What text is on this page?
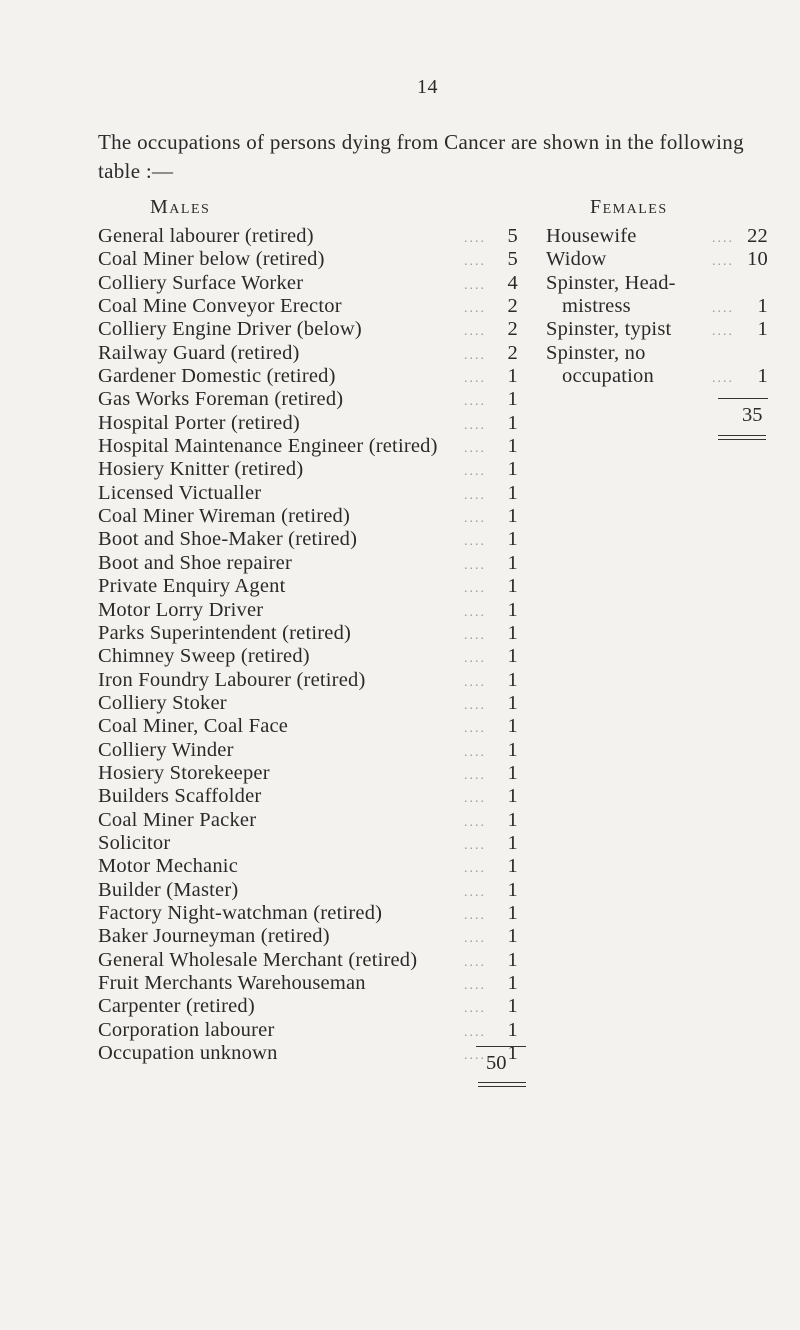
14
The occupations of persons dying from Cancer are shown in the following table :—
Males	Females
General labourer (retired)	....	5
Coal Miner below (retired)	....	5
Colliery Surface Worker	....	4
Coal Mine Conveyor Erector	....	2
Colliery Engine Driver (below)	....	2
Railway Guard (retired)	....	2
Gardener Domestic (retired)	....	1
Gas Works Foreman (retired)	....	1
Hospital Porter (retired)	....	1
Hospital Maintenance Engineer (retired)	....	1
Hosiery Knitter (retired)	....	1
Licensed Victualler	....	1
Coal Miner Wireman (retired)	....	1
Boot and Shoe-Maker (retired)	....	1
Boot and Shoe repairer	....	1
Private Enquiry Agent	....	1
Motor Lorry Driver	....	1
Parks Superintendent (retired)	....	1
Chimney Sweep (retired)	....	1
Iron Foundry Labourer (retired)	....	1
Colliery Stoker	....	1
Coal Miner, Coal Face	....	1
Colliery Winder	....	1
Hosiery Storekeeper	....	1
Builders Scaffolder	....	1
Coal Miner Packer	....	1
Solicitor	....	1
Motor Mechanic	....	1
Builder (Master)	....	1
Factory Night-watchman (retired)	....	1
Baker Journeyman (retired)	....	1
General Wholesale Merchant (retired)	....	1
Fruit Merchants Warehouseman	....	1
Carpenter (retired)	....	1
Corporation labourer	....	1
Occupation unknown	....	1
50
Housewife	.... 22
Widow	.... 10
Spinster, Head-
mistress	....	1
Spinster, typist	....	1
Spinster, no
occupation	....	1
35
